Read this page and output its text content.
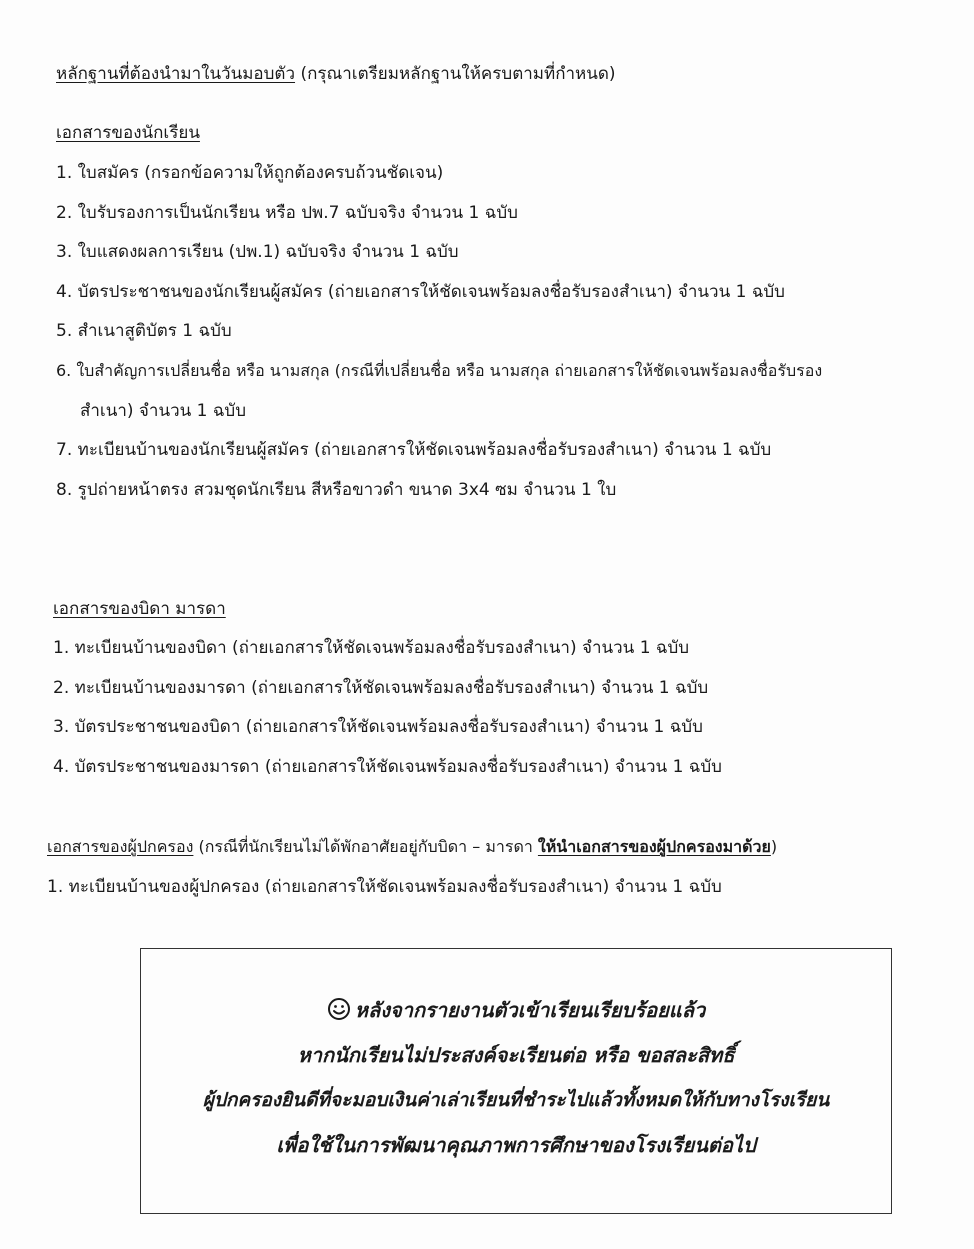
หลักฐานที่ต้องนำมาในวันมอบตัว (กรุณาเตรียมหลักฐานให้ครบตามที่กำหนด)
เอกสารของนักเรียน
1. ใบสมัคร (กรอกข้อความให้ถูกต้องครบถ้วนชัดเจน)
2. ใบรับรองการเป็นนักเรียน หรือ ปพ.7 ฉบับจริง จำนวน 1 ฉบับ
3. ใบแสดงผลการเรียน (ปพ.1) ฉบับจริง จำนวน 1 ฉบับ
4. บัตรประชาชนของนักเรียนผู้สมัคร (ถ่ายเอกสารให้ชัดเจนพร้อมลงชื่อรับรองสำเนา) จำนวน 1 ฉบับ
5. สำเนาสูติบัตร 1 ฉบับ
6. ใบสำคัญการเปลี่ยนชื่อ หรือ นามสกุล (กรณีที่เปลี่ยนชื่อ หรือ นามสกุล ถ่ายเอกสารให้ชัดเจนพร้อมลงชื่อรับรอง
สำเนา) จำนวน 1 ฉบับ
7. ทะเบียนบ้านของนักเรียนผู้สมัคร (ถ่ายเอกสารให้ชัดเจนพร้อมลงชื่อรับรองสำเนา) จำนวน 1 ฉบับ
8. รูปถ่ายหน้าตรง สวมชุดนักเรียน สีหรือขาวดำ ขนาด 3x4 ซม จำนวน 1 ใบ
เอกสารของบิดา มารดา
1. ทะเบียนบ้านของบิดา (ถ่ายเอกสารให้ชัดเจนพร้อมลงชื่อรับรองสำเนา) จำนวน 1 ฉบับ
2. ทะเบียนบ้านของมารดา (ถ่ายเอกสารให้ชัดเจนพร้อมลงชื่อรับรองสำเนา) จำนวน 1 ฉบับ
3. บัตรประชาชนของบิดา (ถ่ายเอกสารให้ชัดเจนพร้อมลงชื่อรับรองสำเนา) จำนวน 1 ฉบับ
4. บัตรประชาชนของมารดา (ถ่ายเอกสารให้ชัดเจนพร้อมลงชื่อรับรองสำเนา) จำนวน 1 ฉบับ
เอกสารของผู้ปกครอง (กรณีที่นักเรียนไม่ได้พักอาศัยอยู่กับบิดา – มารดา ให้นำเอกสารของผู้ปกครองมาด้วย)
1. ทะเบียนบ้านของผู้ปกครอง (ถ่ายเอกสารให้ชัดเจนพร้อมลงชื่อรับรองสำเนา) จำนวน 1 ฉบับ
หลังจากรายงานตัวเข้าเรียนเรียบร้อยแล้ว
หากนักเรียนไม่ประสงค์จะเรียนต่อ หรือ ขอสละสิทธิ์
ผู้ปกครองยินดีที่จะมอบเงินค่าเล่าเรียนที่ชำระไปแล้วทั้งหมดให้กับทางโรงเรียน
เพื่อใช้ในการพัฒนาคุณภาพการศึกษาของโรงเรียนต่อไป
